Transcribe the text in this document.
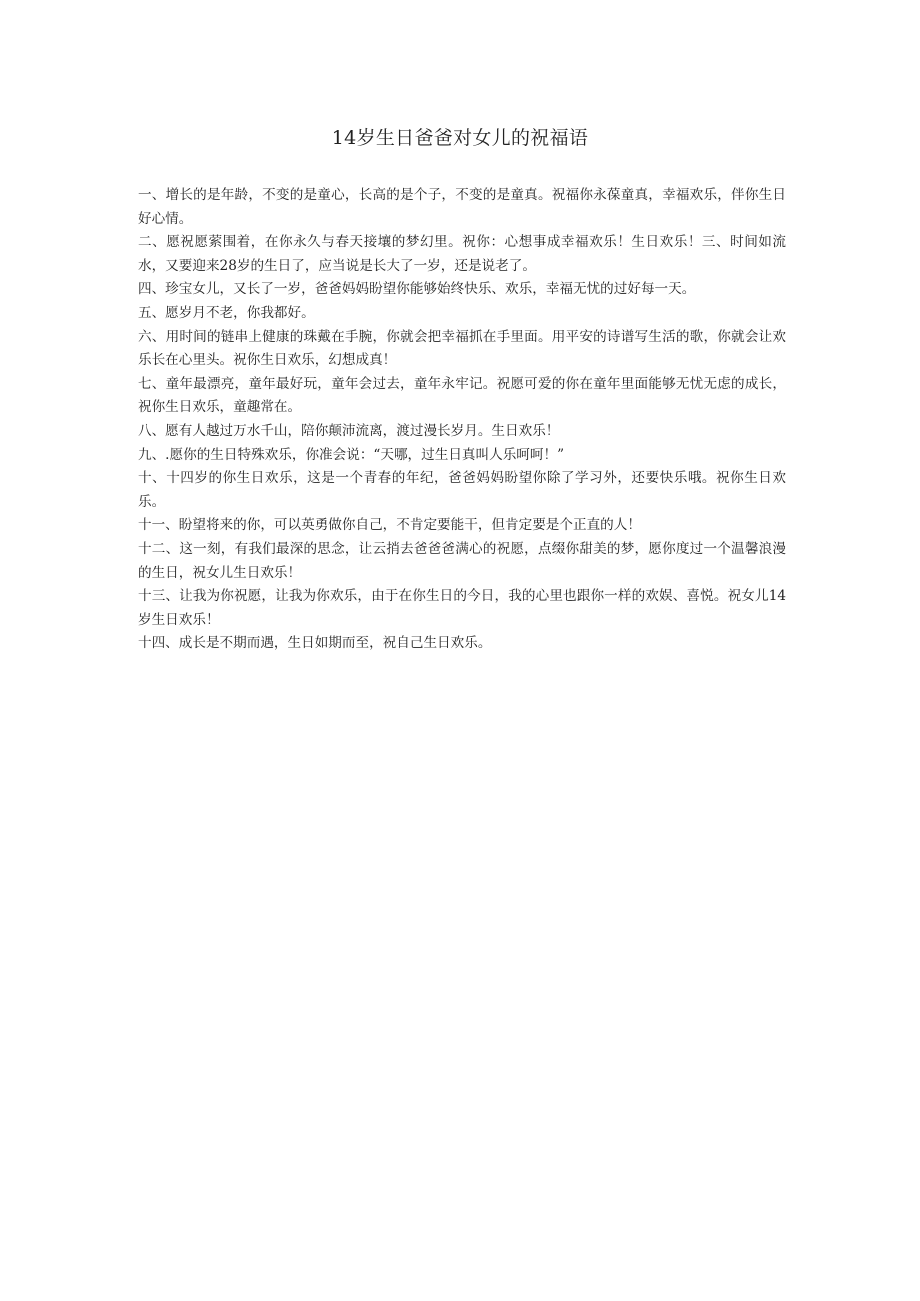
14岁生日爸爸对女儿的祝福语

一、增长的是年龄，不变的是童心，长高的是个子，不变的是童真。祝福你永葆童真，幸福欢乐，伴你生日好心情。

二、愿祝愿萦围着，在你永久与春天接壤的梦幻里。祝你：心想事成幸福欢乐！生日欢乐！三、时间如流水，又要迎来28岁的生日了，应当说是长大了一岁，还是说老了。

四、珍宝女儿，又长了一岁，爸爸妈妈盼望你能够始终快乐、欢乐，幸福无忧的过好每一天。

五、愿岁月不老，你我都好。

六、用时间的链串上健康的珠戴在手腕，你就会把幸福抓在手里面。用平安的诗谱写生活的歌，你就会让欢乐长在心里头。祝你生日欢乐，幻想成真！

七、童年最漂亮，童年最好玩，童年会过去，童年永牢记。祝愿可爱的你在童年里面能够无忧无虑的成长，祝你生日欢乐，童趣常在。

八、愿有人越过万水千山，陪你颠沛流离，渡过漫长岁月。生日欢乐！

九、.愿你的生日特殊欢乐，你准会说：“天哪，过生日真叫人乐呵呵！”

十、十四岁的你生日欢乐，这是一个青春的年纪，爸爸妈妈盼望你除了学习外，还要快乐哦。祝你生日欢乐。

十一、盼望将来的你，可以英勇做你自己，不肯定要能干，但肯定要是个正直的人！

十二、这一刻，有我们最深的思念，让云捎去爸爸爸满心的祝愿，点缀你甜美的梦，愿你度过一个温馨浪漫的生日，祝女儿生日欢乐！

十三、让我为你祝愿，让我为你欢乐，由于在你生日的今日，我的心里也跟你一样的欢娱、喜悦。祝女儿14岁生日欢乐！

十四、成长是不期而遇，生日如期而至，祝自己生日欢乐。
